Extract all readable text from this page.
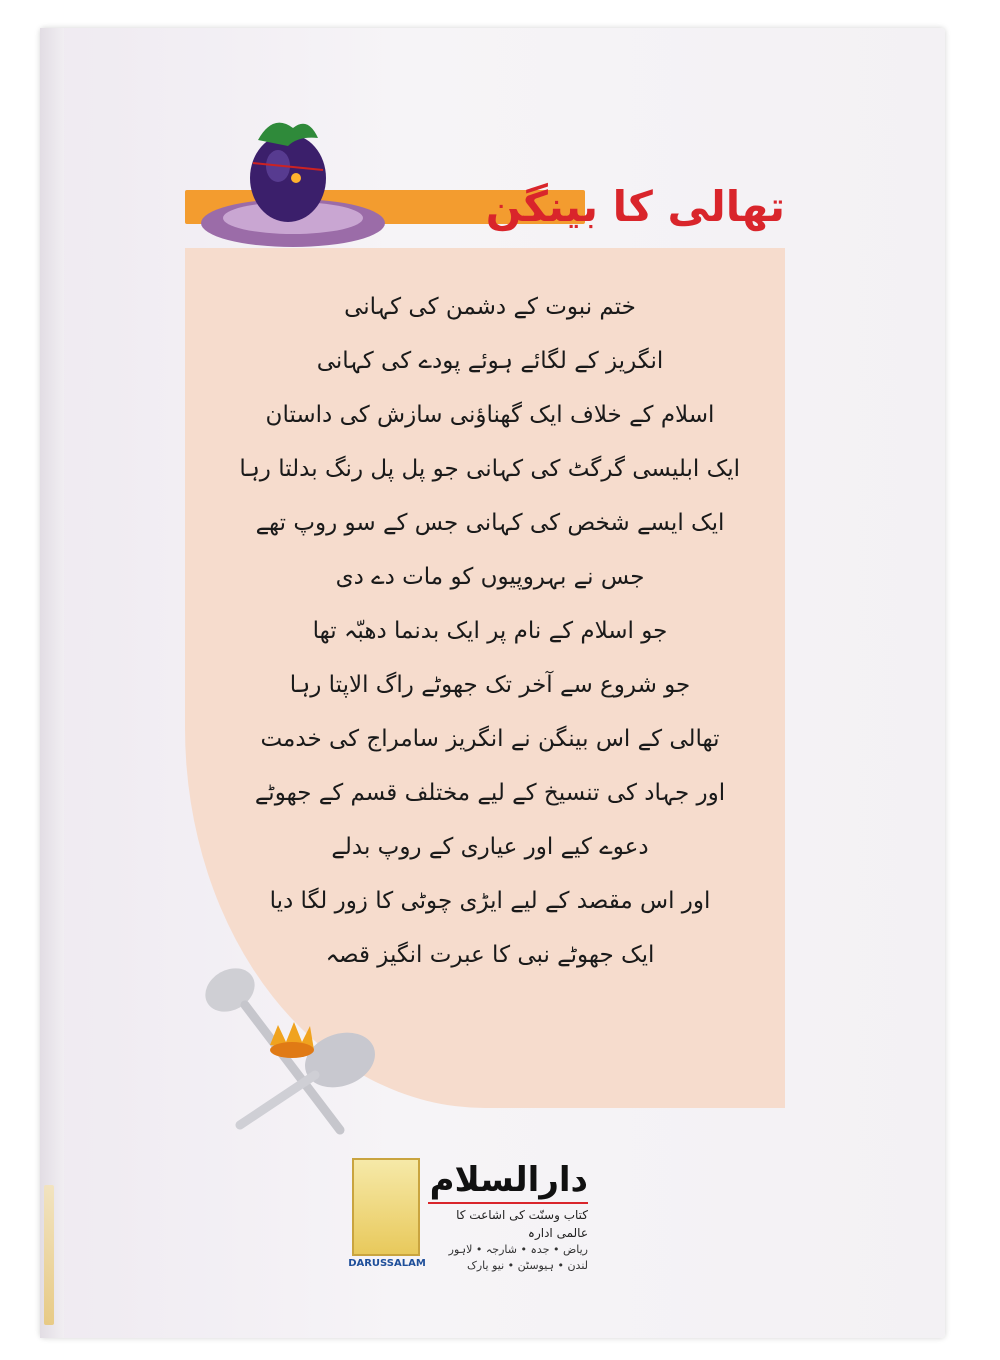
تھالی کا بینگن
ختم نبوت کے دشمن کی کہانی
انگریز کے لگائے ہوئے پودے کی کہانی
اسلام کے خلاف ایک گھناؤنی سازش کی داستان
ایک ابلیسی گرگٹ کی کہانی جو پل پل رنگ بدلتا رہا
ایک ایسے شخص کی کہانی جس کے سو روپ تھے
جس نے بہروپیوں کو مات دے دی
جو اسلام کے نام پر ایک بدنما دھبّہ تھا
جو شروع سے آخر تک جھوٹے راگ الاپتا رہا
تھالی کے اس بینگن نے انگریز سامراج کی خدمت
اور جہاد کی تنسیخ کے لیے مختلف قسم کے جھوٹے
دعوے کیے اور عیاری کے روپ بدلے
اور اس مقصد کے لیے ایڑی چوٹی کا زور لگا دیا
ایک جھوٹے نبی کا عبرت انگیز قصہ
DARUSSALAM
دارالسلام
کتاب وسنّت کی اشاعت کا عالمی ادارہ
ریاض • جدہ • شارجہ • لاہور
لندن • ہیوسٹن • نیو یارک
